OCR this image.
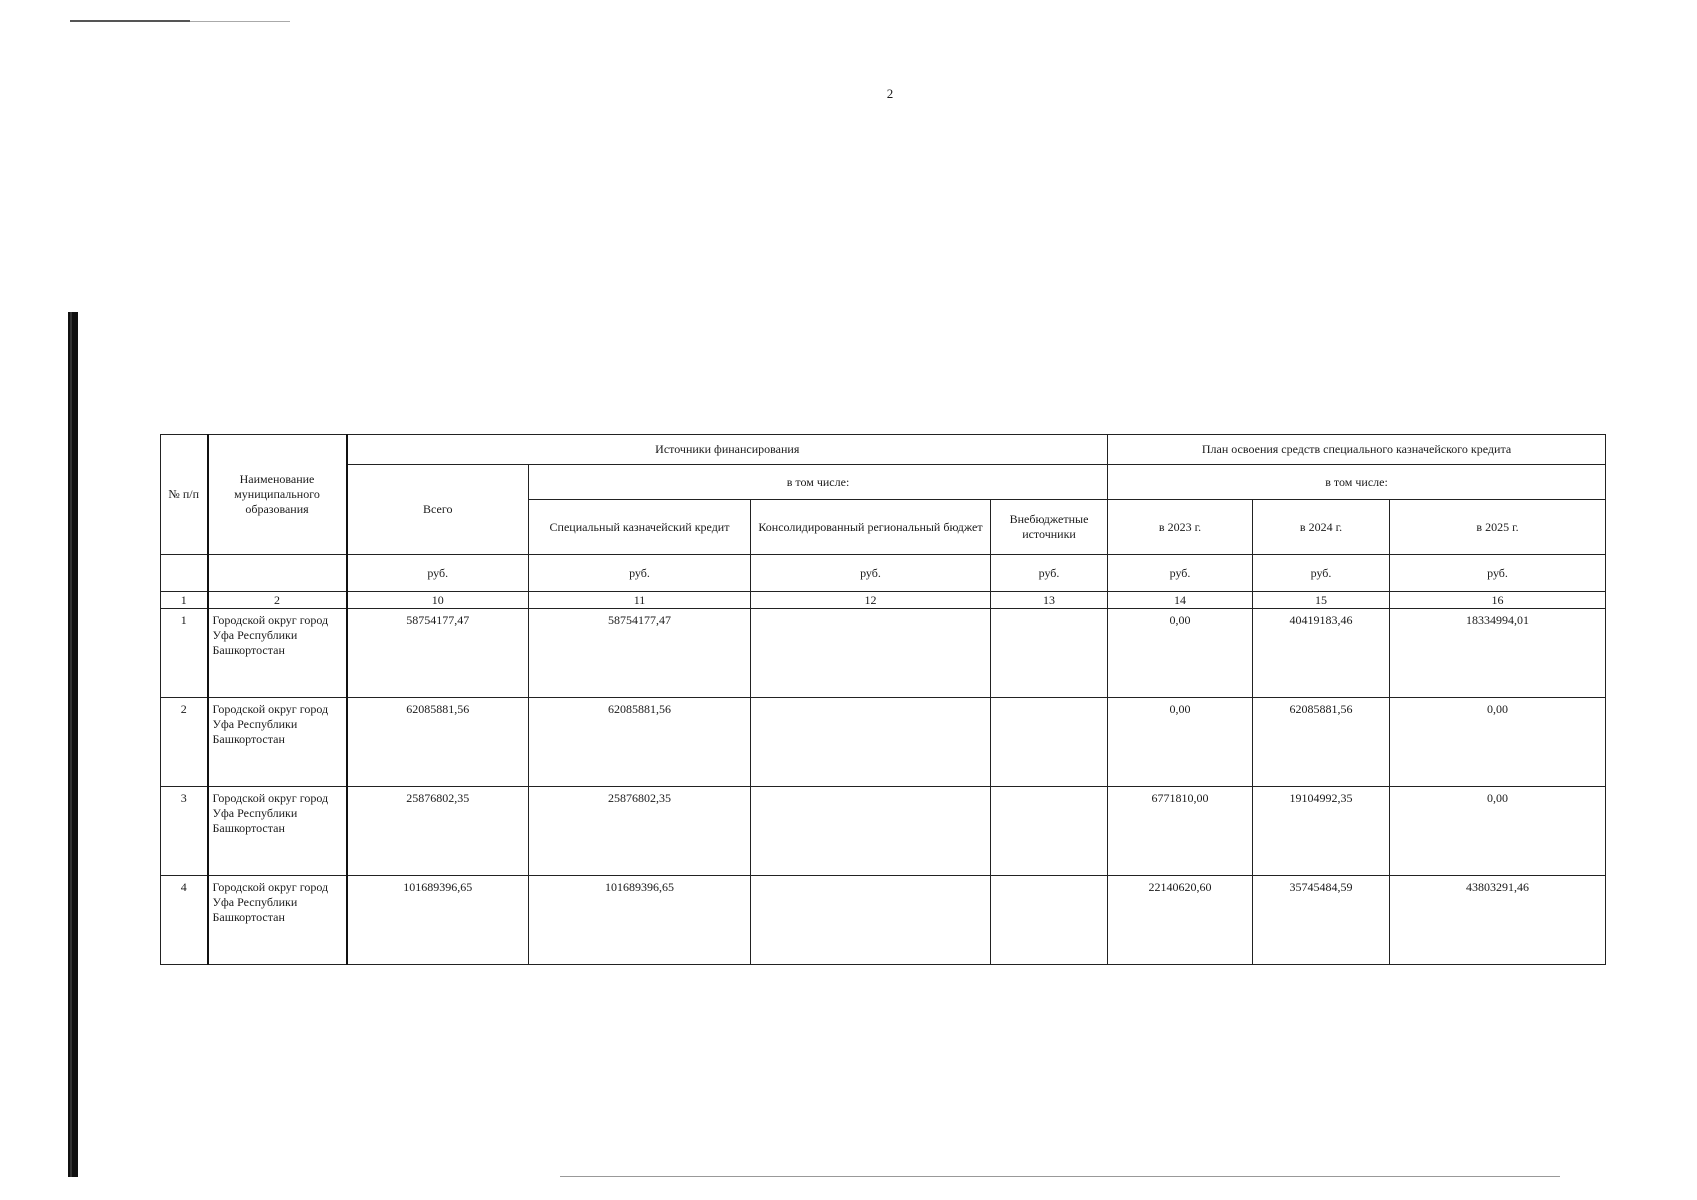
2
№ п/п	Наименование муниципального образования	Источники финансирования				План освоения средств специального казначейского кредита		
		Всего	в том числе:			в том числе:		
			Специальный казначейский кредит	Консолидированный региональный бюджет	Внебюджетные источники	в 2023 г.	в 2024 г.	в 2025 г.
		руб.	руб.	руб.	руб.	руб.	руб.	руб.
1	2	10	11	12	13	14	15	16
1	Городской округ город Уфа Республики Башкортостан	58754177,47	58754177,47			0,00	40419183,46	18334994,01
2	Городской округ город Уфа Республики Башкортостан	62085881,56	62085881,56			0,00	62085881,56	0,00
3	Городской округ город Уфа Республики Башкортостан	25876802,35	25876802,35			6771810,00	19104992,35	0,00
4	Городской округ город Уфа Республики Башкортостан	101689396,65	101689396,65			22140620,60	35745484,59	43803291,46
